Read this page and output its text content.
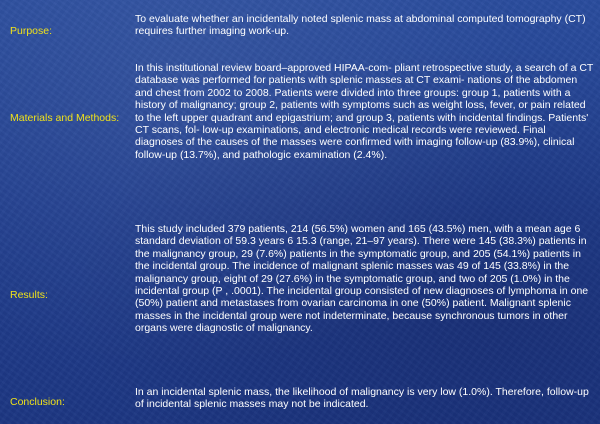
Purpose:
To evaluate whether an incidentally noted splenic mass at abdominal computed tomography (CT) requires further imaging work-up.
Materials and Methods:
In this institutional review board–approved HIPAA-com- pliant retrospective study, a search of a CT database was performed for patients with splenic masses at CT exami- nations of the abdomen and chest from 2002 to 2008. Patients were divided into three groups: group 1, patients with a history of malignancy; group 2, patients with symptoms such as weight loss, fever, or pain related to the left upper quadrant and epigastrium; and group 3, patients with incidental findings. Patients' CT scans, fol- low-up examinations, and electronic medical records were reviewed. Final diagnoses of the causes of the masses were confirmed with imaging follow-up (83.9%), clinical follow-up (13.7%), and pathologic examination (2.4%).
Results:
This study included 379 patients, 214 (56.5%) women and 165 (43.5%) men, with a mean age 6 standard deviation of 59.3 years 6 15.3 (range, 21–97 years). There were 145 (38.3%) patients in the malignancy group, 29 (7.6%) patients in the symptomatic group, and 205 (54.1%) patients in the incidental group. The incidence of malignant splenic masses was 49 of 145 (33.8%) in the malignancy group, eight of 29 (27.6%) in the symptomatic group, and two of 205 (1.0%) in the incidental group (P , .0001). The incidental group consisted of new diagnoses of lymphoma in one (50%) patient and metastases from ovarian carcinoma in one (50%) patient. Malignant splenic masses in the incidental group were not indeterminate, because synchronous tumors in other organs were diagnostic of malignancy.
Conclusion:
In an incidental splenic mass, the likelihood of malignancy is very low (1.0%). Therefore, follow-up of incidental splenic masses may not be indicated.
